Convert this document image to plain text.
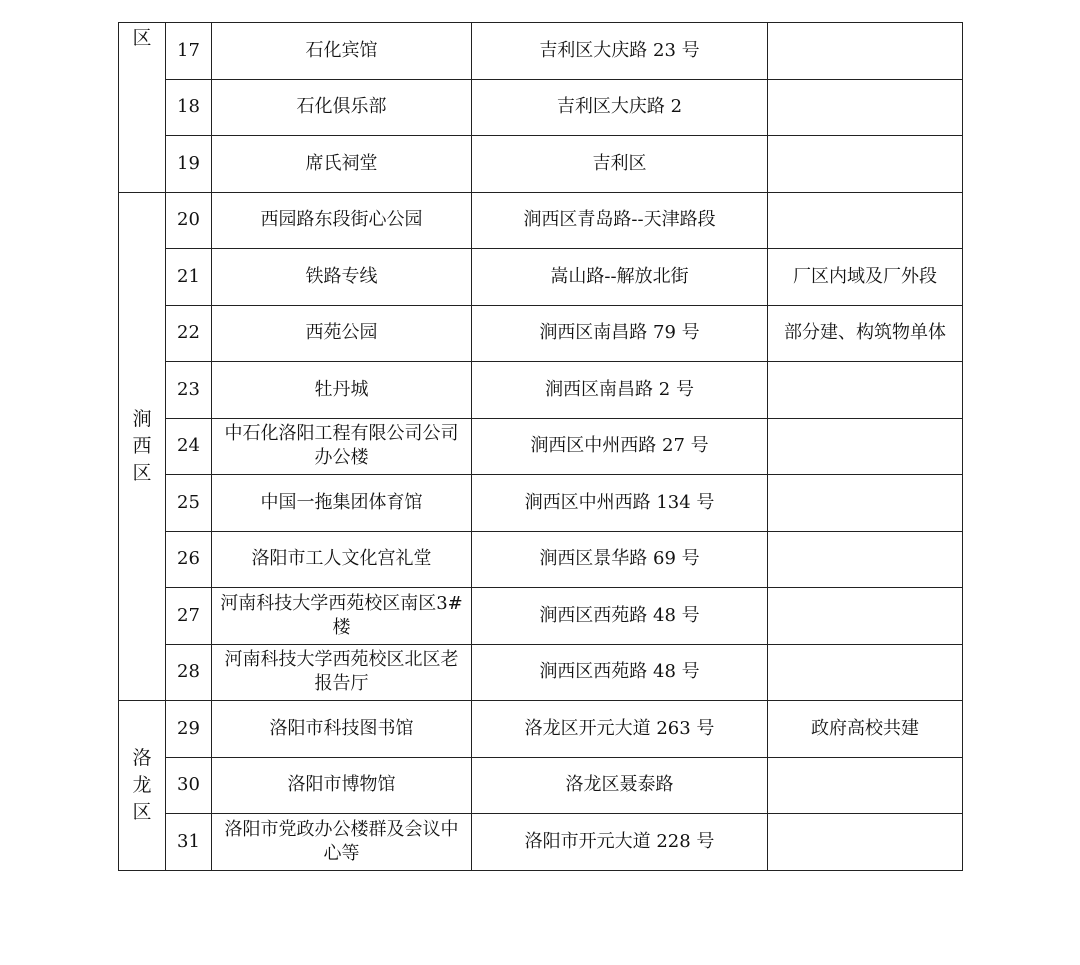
区	17	石化宾馆	吉利区大庆路 23 号	
	18	石化俱乐部	吉利区大庆路 2	
	19	席氏祠堂	吉利区	
涧西区	20	西园路东段街心公园	涧西区青岛路--天津路段	
	21	铁路专线	嵩山路--解放北街	厂区内域及厂外段
	22	西苑公园	涧西区南昌路 79 号	部分建、构筑物单体
	23	牡丹城	涧西区南昌路 2 号	
	24	中石化洛阳工程有限公司公司办公楼	涧西区中州西路 27 号	
	25	中国一拖集团体育馆	涧西区中州西路 134 号	
	26	洛阳市工人文化宫礼堂	涧西区景华路 69 号	
	27	河南科技大学西苑校区南区3#楼	涧西区西苑路 48 号	
	28	河南科技大学西苑校区北区老报告厅	涧西区西苑路 48 号	
洛龙区	29	洛阳市科技图书馆	洛龙区开元大道 263 号	政府高校共建
	30	洛阳市博物馆	洛龙区聂泰路	
	31	洛阳市党政办公楼群及会议中心等	洛阳市开元大道 228 号	
